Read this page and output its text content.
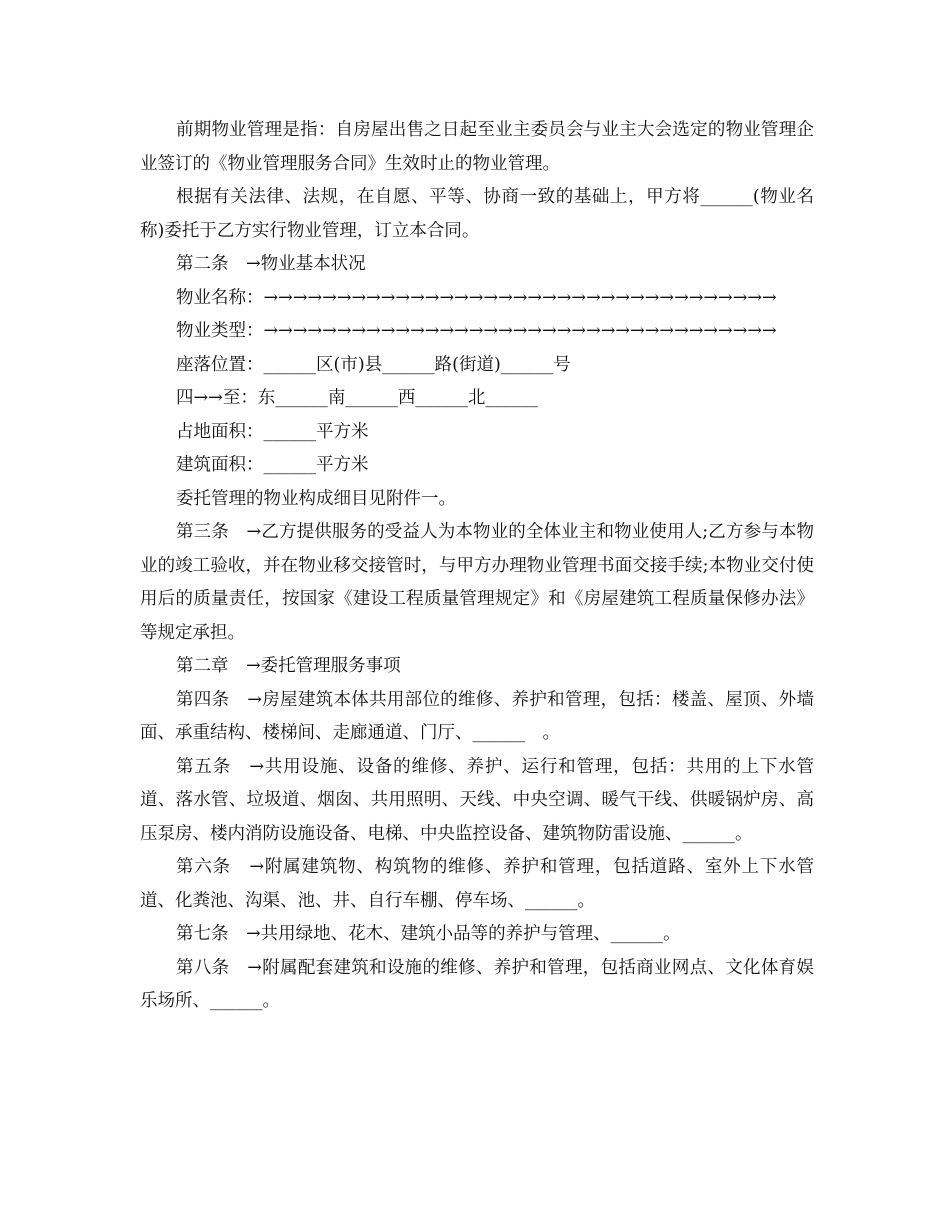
前期物业管理是指：自房屋出售之日起至业主委员会与业主大会选定的物业管理企业签订的《物业管理服务合同》生效时止的物业管理。

根据有关法律、法规，在自愿、平等、协商一致的基础上，甲方将______(物业名称)委托于乙方实行物业管理，订立本合同。

第二条　→物业基本状况

物业名称：→→→→→→→→→→→→→→→→→→→→→→→→→→→→→→→→→→→

物业类型：→→→→→→→→→→→→→→→→→→→→→→→→→→→→→→→→→→→

座落位置：______区(市)县______路(街道)______号

四→→至：东______南______西______北______

占地面积：______平方米

建筑面积：______平方米

委托管理的物业构成细目见附件一。

第三条　→乙方提供服务的受益人为本物业的全体业主和物业使用人;乙方参与本物业的竣工验收，并在物业移交接管时，与甲方办理物业管理书面交接手续;本物业交付使用后的质量责任，按国家《建设工程质量管理规定》和《房屋建筑工程质量保修办法》等规定承担。

第二章　→委托管理服务事项

第四条　→房屋建筑本体共用部位的维修、养护和管理，包括：楼盖、屋顶、外墙面、承重结构、楼梯间、走廊通道、门厅、______　。

第五条　→共用设施、设备的维修、养护、运行和管理，包括：共用的上下水管道、落水管、垃圾道、烟囱、共用照明、天线、中央空调、暖气干线、供暖锅炉房、高压泵房、楼内消防设施设备、电梯、中央监控设备、建筑物防雷设施、______。

第六条　→附属建筑物、构筑物的维修、养护和管理，包括道路、室外上下水管道、化粪池、沟渠、池、井、自行车棚、停车场、______。

第七条　→共用绿地、花木、建筑小品等的养护与管理、______。

第八条　→附属配套建筑和设施的维修、养护和管理，包括商业网点、文化体育娱乐场所、______。
